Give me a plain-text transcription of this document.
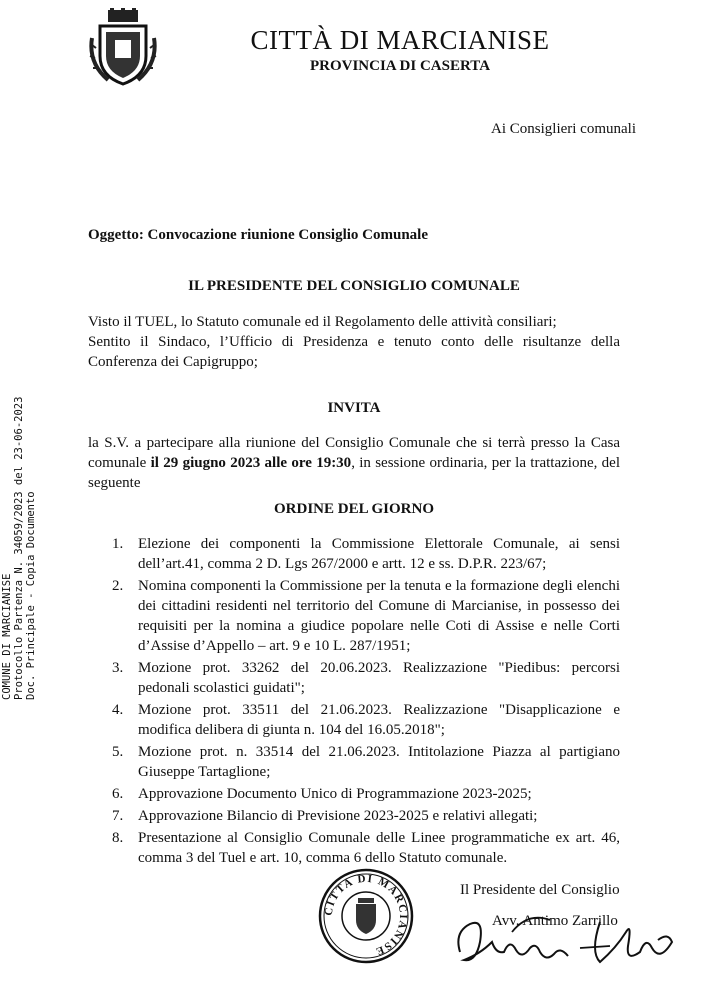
CITTÀ DI MARCIANISE
PROVINCIA DI CASERTA
Ai Consiglieri comunali
Oggetto: Convocazione riunione Consiglio Comunale
IL PRESIDENTE DEL CONSIGLIO COMUNALE
Visto il TUEL, lo Statuto comunale ed il Regolamento delle attività consiliari;
Sentito il Sindaco, l’Ufficio di Presidenza e tenuto conto delle risultanze della Conferenza dei Capigruppo;
INVITA
la S.V. a partecipare alla riunione del Consiglio Comunale che si terrà presso la Casa comunale il 29 giugno 2023 alle ore 19:30, in sessione ordinaria, per la trattazione, del seguente
ORDINE DEL GIORNO
1. Elezione dei componenti la Commissione Elettorale Comunale, ai sensi dell’art.41, comma 2 D. Lgs 267/2000 e artt. 12 e ss. D.P.R. 223/67;
2. Nomina componenti la Commissione per la tenuta e la formazione degli elenchi dei cittadini residenti nel territorio del Comune di Marcianise, in possesso dei requisiti per la nomina a giudice popolare nelle Coti di Assise e nelle Corti d’Assise d’Appello – art. 9 e 10 L. 287/1951;
3. Mozione prot. 33262 del 20.06.2023. Realizzazione "Piedibus: percorsi pedonali scolastici guidati";
4. Mozione prot. 33511 del 21.06.2023. Realizzazione "Disapplicazione e modifica delibera di giunta n. 104 del 16.05.2018";
5. Mozione prot. n. 33514 del 21.06.2023. Intitolazione Piazza al partigiano Giuseppe Tartaglione;
6. Approvazione Documento Unico di Programmazione 2023-2025;
7. Approvazione Bilancio di Previsione 2023-2025 e relativi allegati;
8. Presentazione al Consiglio Comunale delle Linee programmatiche ex art. 46, comma 3 del Tuel e art. 10, comma 6 dello Statuto comunale.
COMUNE DI MARCIANISE Protocollo Partenza N. 34059/2023 del 23-06-2023 Doc. Principale - Copia Documento
CITTA DI MARCIANISE
Il Presidente del Consiglio
Avv. Antimo Zarrillo
